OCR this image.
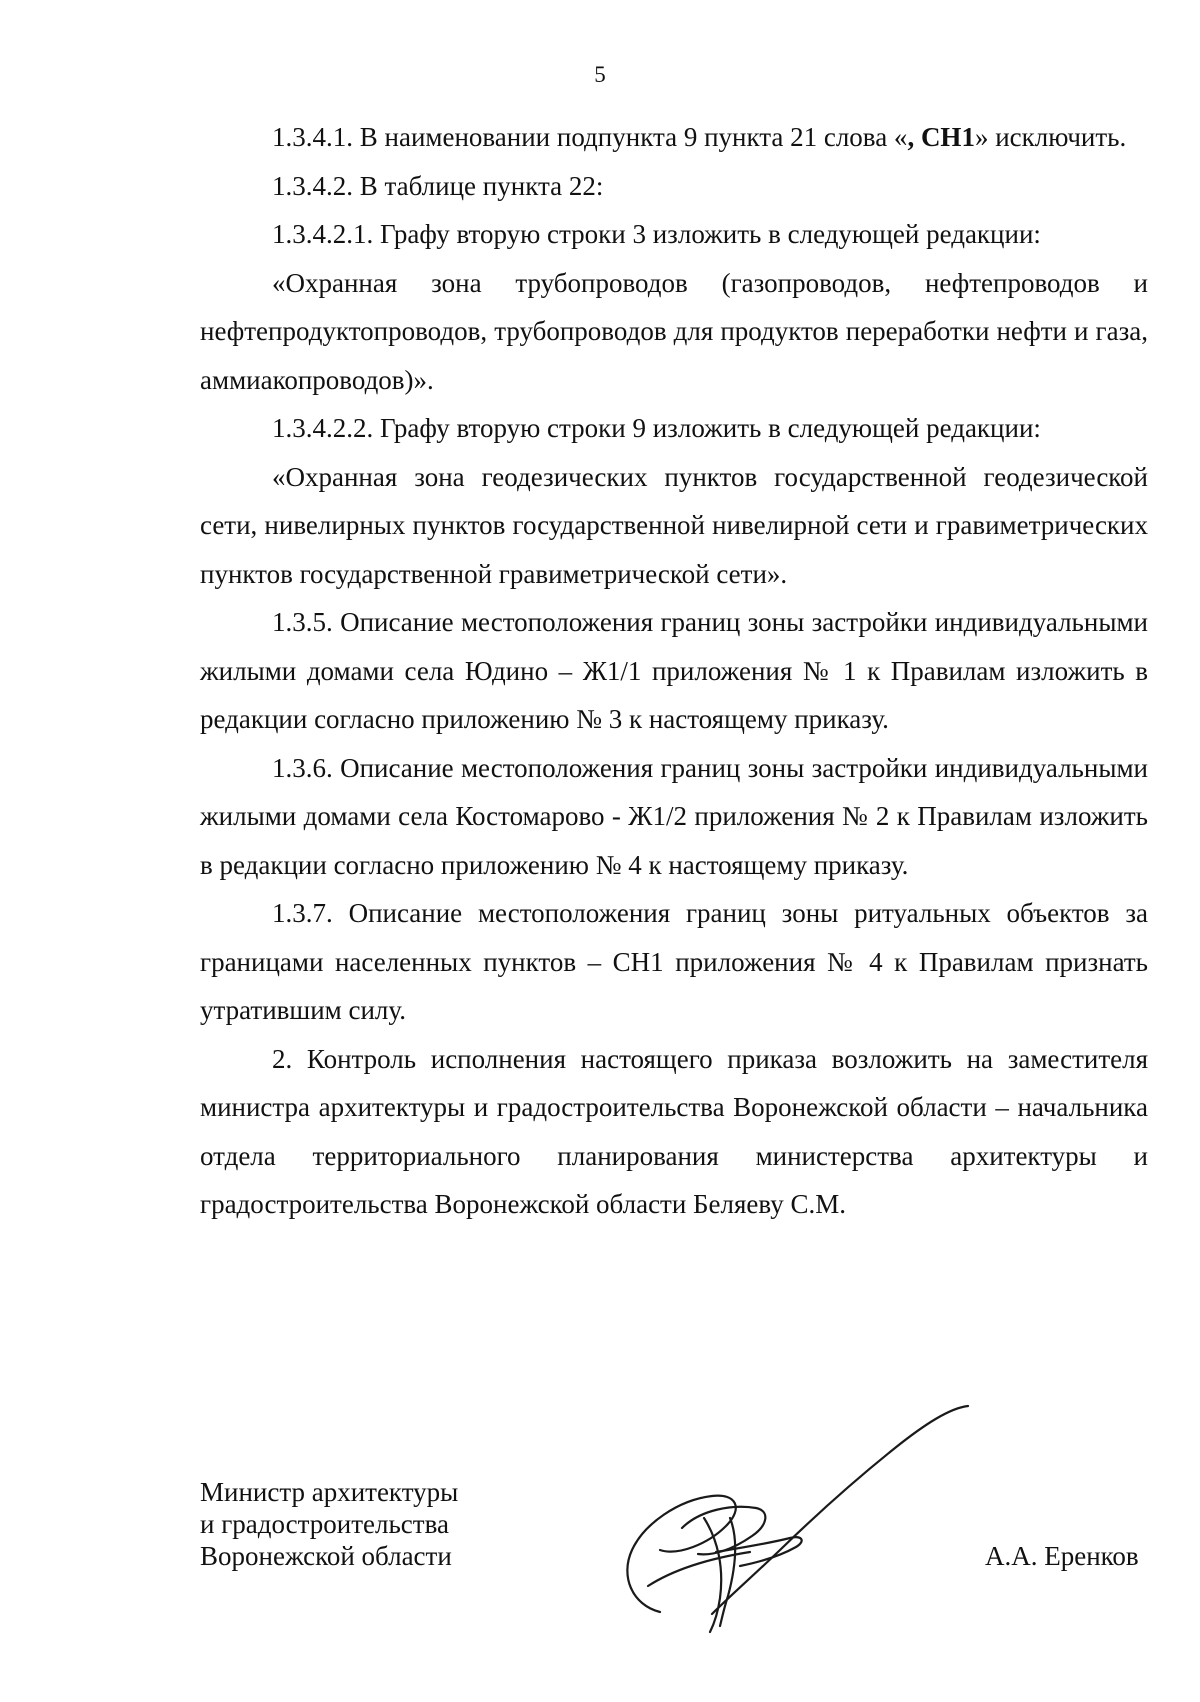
5

1.3.4.1. В наименовании подпункта 9 пункта 21 слова «, СН1» исключить.

1.3.4.2. В таблице пункта 22:

1.3.4.2.1. Графу вторую строки 3 изложить в следующей редакции:

«Охранная зона трубопроводов (газопроводов, нефтепроводов и нефтепродуктопроводов, трубопроводов для продуктов переработки нефти и газа, аммиакопроводов)».

1.3.4.2.2. Графу вторую строки 9 изложить в следующей редакции:

«Охранная зона геодезических пунктов государственной геодезической сети, нивелирных пунктов государственной нивелирной сети и гравиметрических пунктов государственной гравиметрической сети».

1.3.5. Описание местоположения границ зоны застройки индивидуальными жилыми домами села Юдино – Ж1/1 приложения № 1 к Правилам изложить в редакции согласно приложению № 3 к настоящему приказу.

1.3.6. Описание местоположения границ зоны застройки индивидуальными жилыми домами села Костомарово - Ж1/2 приложения № 2 к Правилам изложить в редакции согласно приложению № 4 к настоящему приказу.

1.3.7. Описание местоположения границ зоны ритуальных объектов за границами населенных пунктов – СН1 приложения № 4 к Правилам признать утратившим силу.

2. Контроль исполнения настоящего приказа возложить на заместителя министра архитектуры и градостроительства Воронежской области – начальника отдела территориального планирования министерства архитектуры и градостроительства Воронежской области Беляеву С.М.

Министр архитектуры
и градостроительства
Воронежской области	А.А. Еренков
